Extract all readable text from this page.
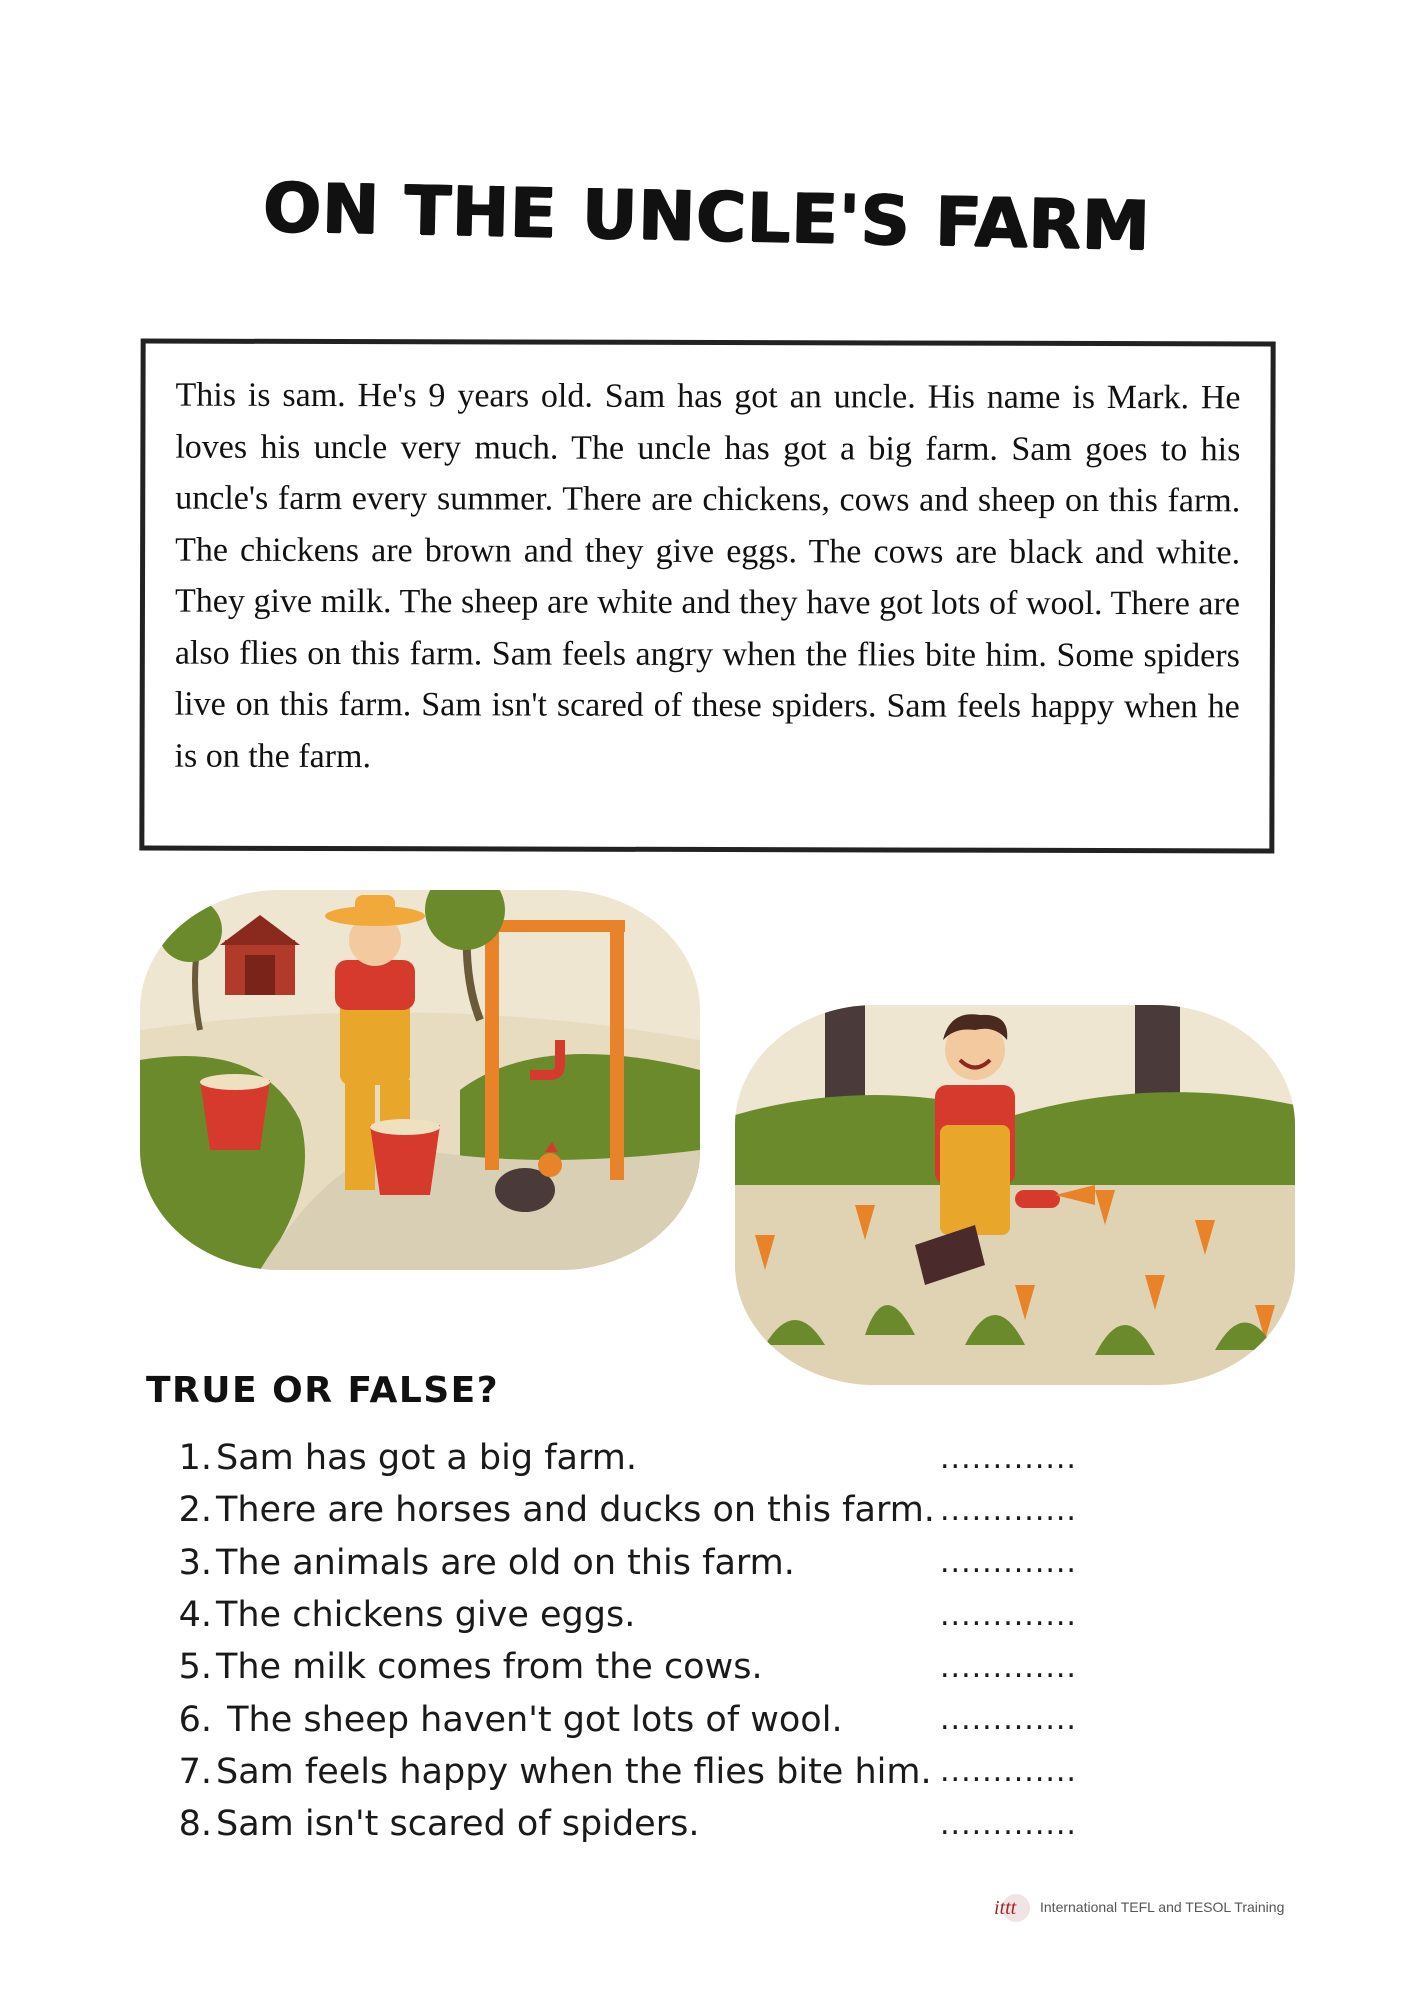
ON THE UNCLE'S FARM

This is sam. He's 9 years old. Sam has got an uncle. His name is Mark. He loves his uncle very much. The uncle has got a big farm. Sam goes to his uncle's farm every summer. There are chickens, cows and sheep on this farm. The chickens are brown and they give eggs. The cows are black and white. They give milk. The sheep are white and they have got lots of wool. There are also flies on this farm. Sam feels angry when the flies bite him. Some spiders live on this farm. Sam isn't scared of these spiders. Sam feels happy when he is on the farm.

TRUE OR FALSE?
1. Sam has got a big farm.	.............
2. There are horses and ducks on this farm. .............
3. The animals are old on this farm.	.............
4. The chickens give eggs.	.............
5. The milk comes from the cows.	.............
6. The sheep haven't got lots of wool.	.............
7. Sam feels happy when the flies bite him. .............
8. Sam isn't scared of spiders.	.............
ittt International TEFL and TESOL Training
